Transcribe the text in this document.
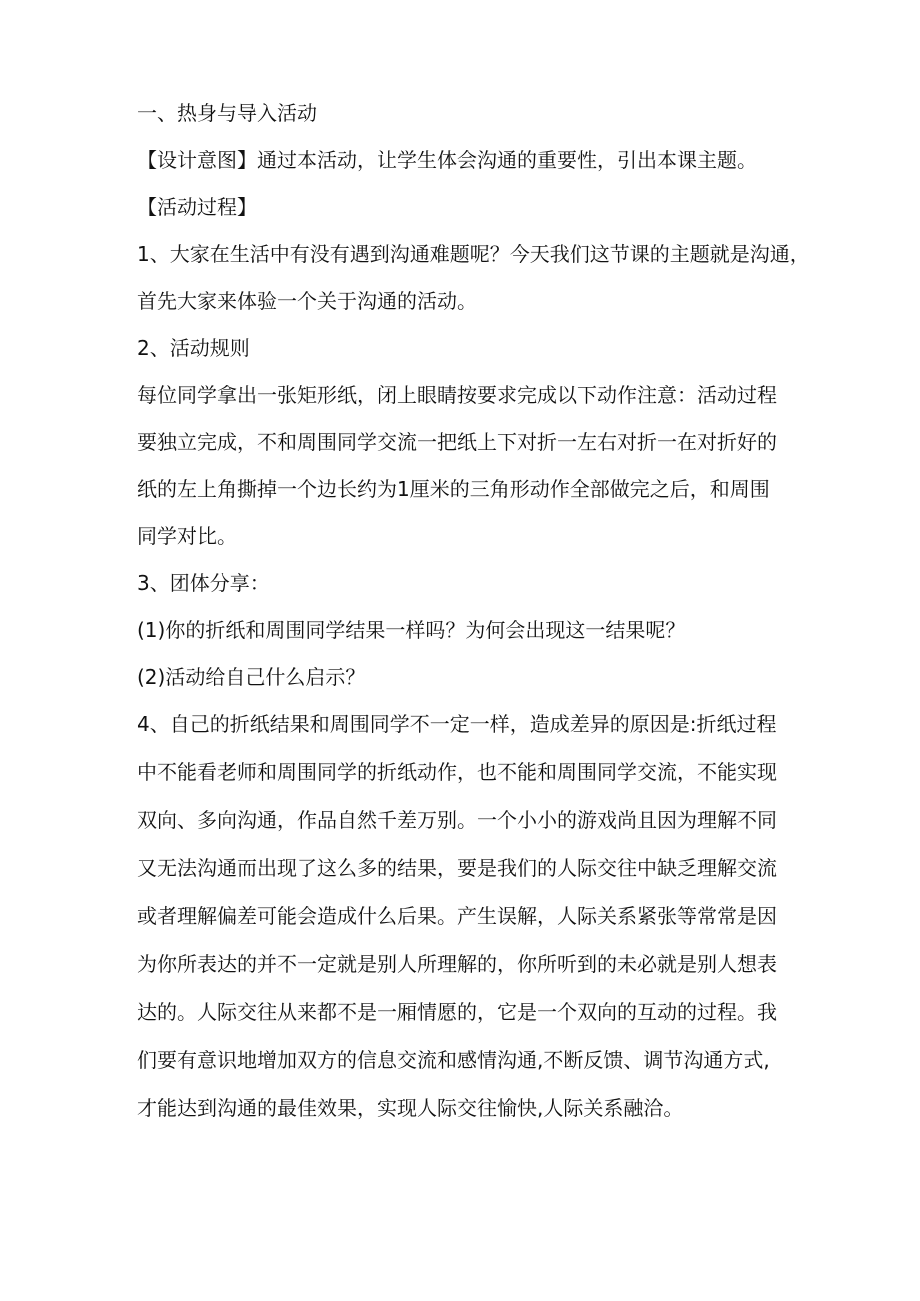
一、热身与导入活动
【设计意图】通过本活动，让学生体会沟通的重要性，引出本课主题。
【活动过程】
1、大家在生活中有没有遇到沟通难题呢？今天我们这节课的主题就是沟通，
首先大家来体验一个关于沟通的活动。
2、活动规则
每位同学拿出一张矩形纸，闭上眼睛按要求完成以下动作注意：活动过程
要独立完成，不和周围同学交流一把纸上下对折一左右对折一在对折好的
纸的左上角撕掉一个边长约为1厘米的三角形动作全部做完之后，和周围
同学对比。
3、团体分享：
(1)你的折纸和周围同学结果一样吗？为何会出现这一结果呢？
(2)活动给自己什么启示？
4、自己的折纸结果和周围同学不一定一样，造成差异的原因是:折纸过程
中不能看老师和周围同学的折纸动作，也不能和周围同学交流，不能实现
双向、多向沟通，作品自然千差万别。一个小小的游戏尚且因为理解不同
又无法沟通而出现了这么多的结果，要是我们的人际交往中缺乏理解交流
或者理解偏差可能会造成什么后果。产生误解，人际关系紧张等常常是因
为你所表达的并不一定就是别人所理解的，你所听到的未必就是别人想表
达的。人际交往从来都不是一厢情愿的，它是一个双向的互动的过程。我
们要有意识地增加双方的信息交流和感情沟通,不断反馈、调节沟通方式,
才能达到沟通的最佳效果，实现人际交往愉快,人际关系融洽。
